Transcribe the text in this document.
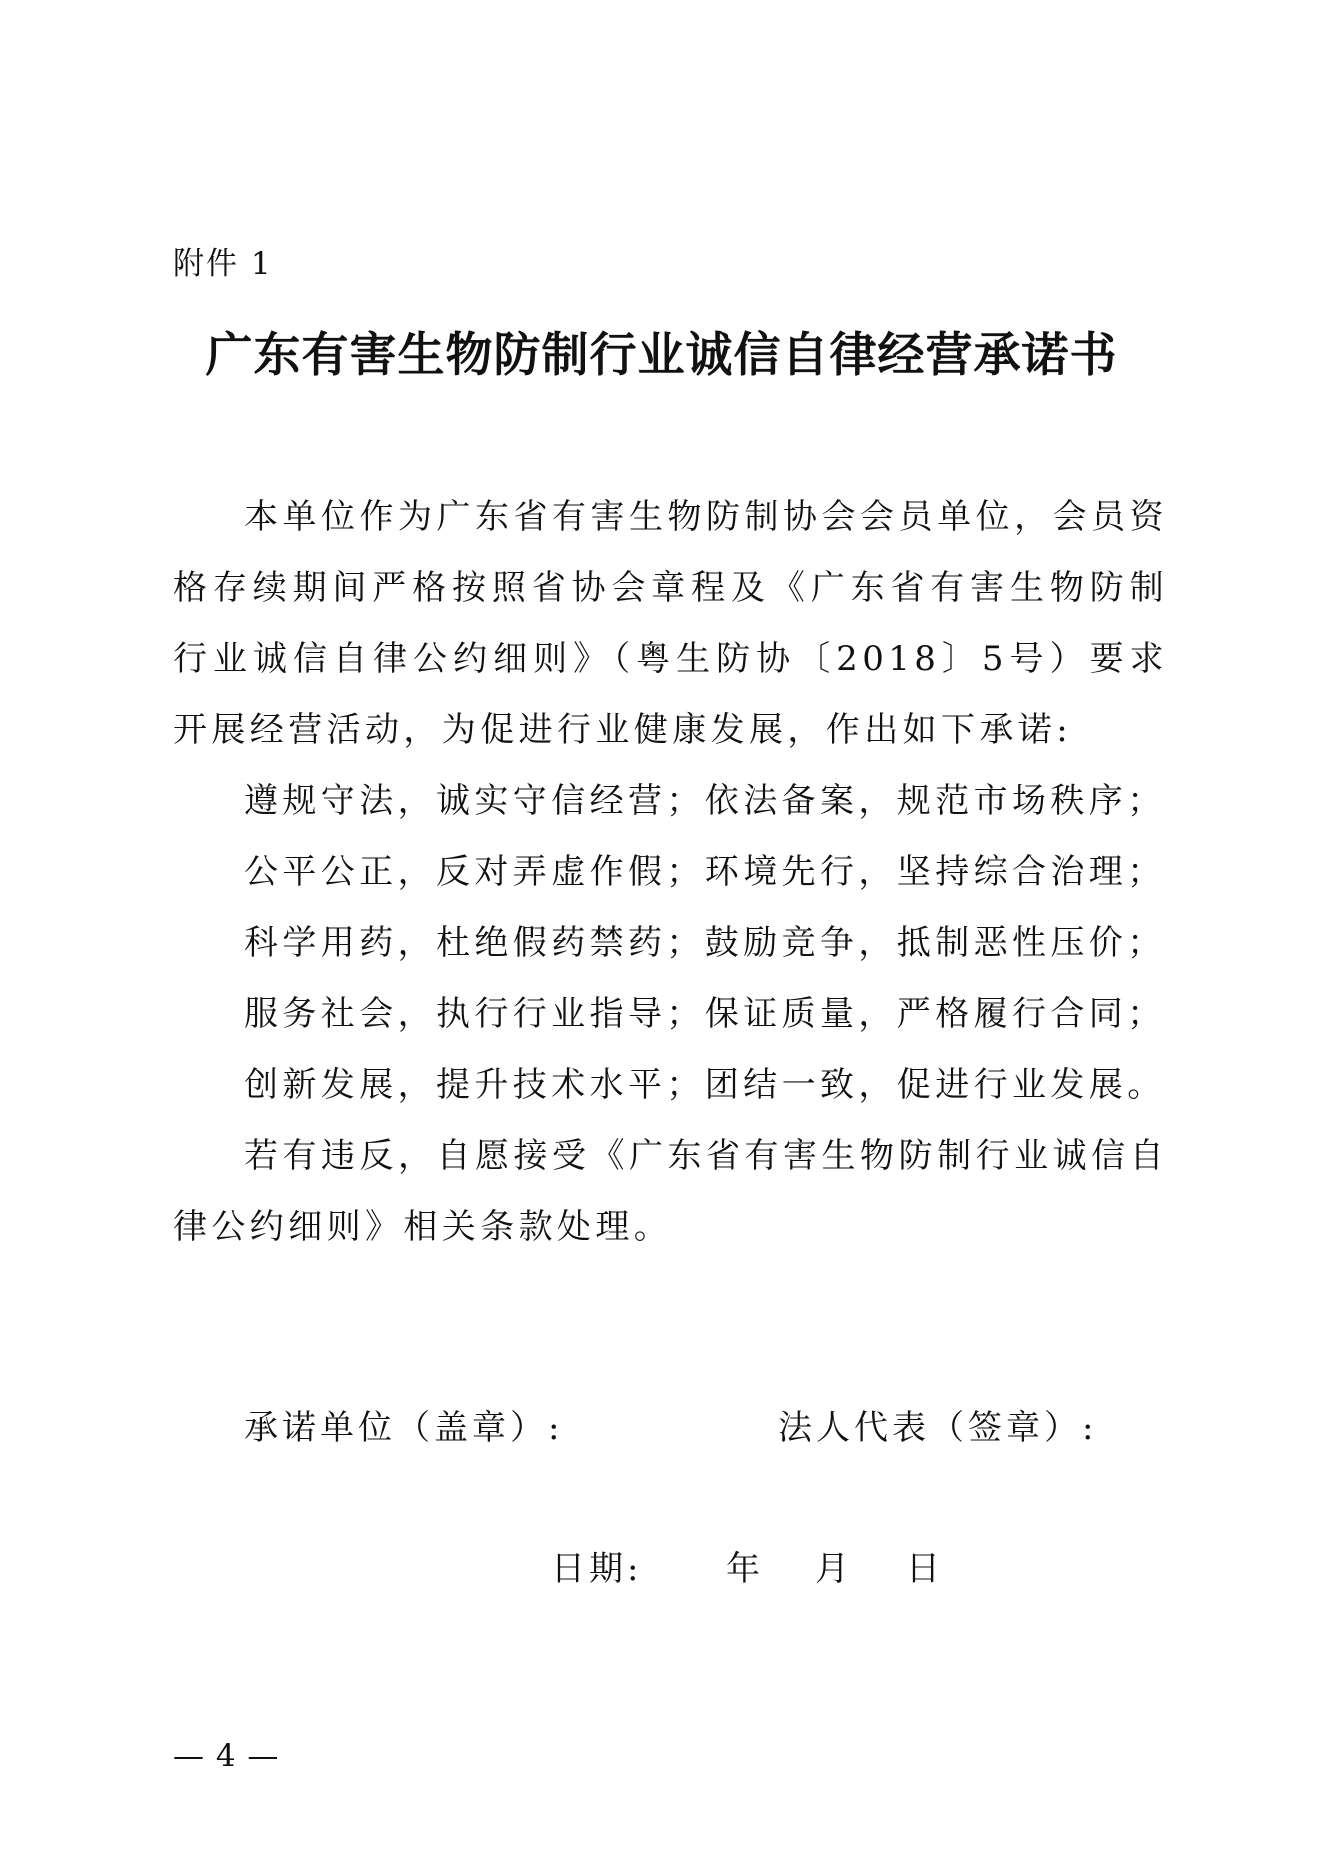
附件 1
广东有害生物防制行业诚信自律经营承诺书

本单位作为广东省有害生物防制协会会员单位，会员资格存续期间严格按照省协会章程及《广东省有害生物防制行业诚信自律公约细则》（粤生防协〔2018〕5号）要求开展经营活动，为促进行业健康发展，作出如下承诺:

遵规守法，诚实守信经营；依法备案，规范市场秩序；

公平公正，反对弄虚作假；环境先行，坚持综合治理；

科学用药，杜绝假药禁药；鼓励竞争，抵制恶性压价；

服务社会，执行行业指导；保证质量，严格履行合同；

创新发展，提升技术水平；团结一致，促进行业发展。

若有违反，自愿接受《广东省有害生物防制行业诚信自律公约细则》相关条款处理。

承诺单位（盖章）:	法人代表（签章）:
日期: 年 月 日
— 4 —
